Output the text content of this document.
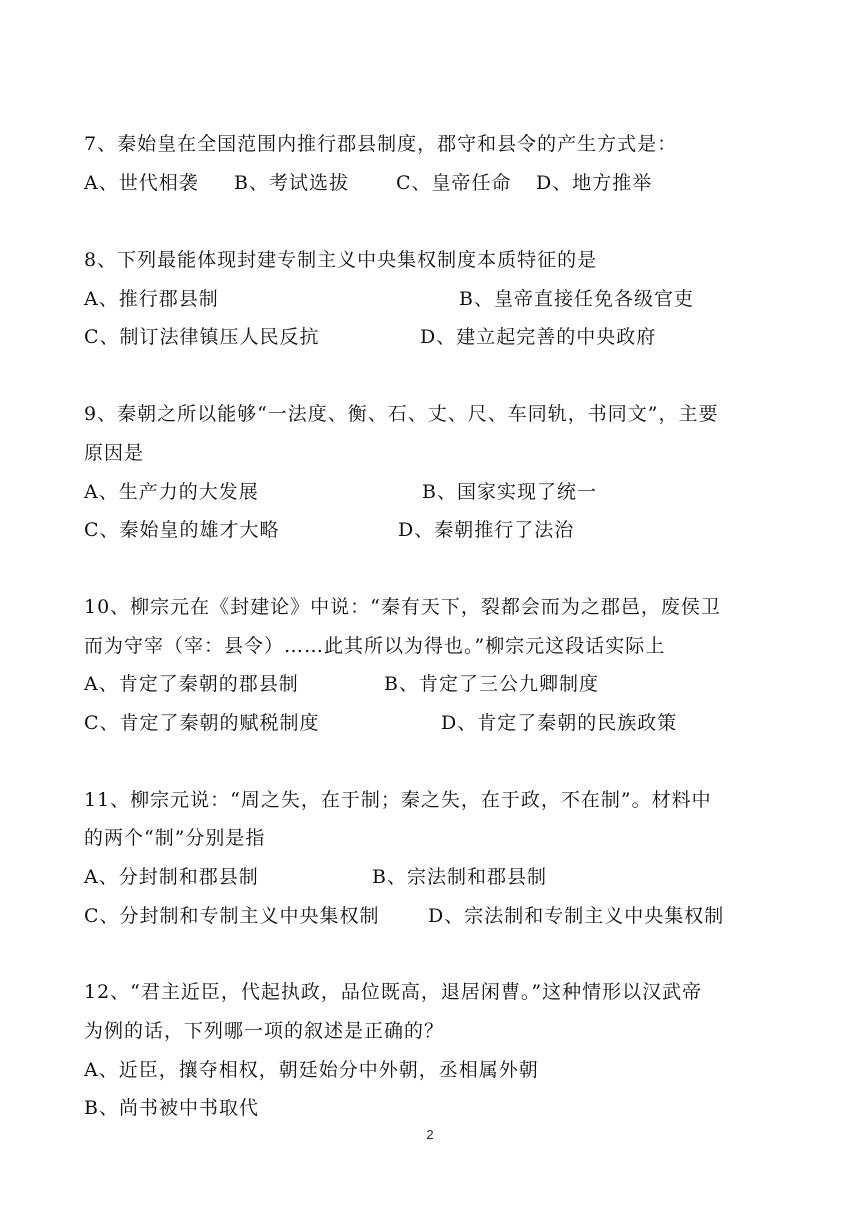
7、秦始皇在全国范围内推行郡县制度，郡守和县令的产生方式是：
A、世代相袭 B、考试选拔 C、皇帝任命 D、地方推举
8、下列最能体现封建专制主义中央集权制度本质特征的是
A、推行郡县制	B、皇帝直接任免各级官吏
C、制订法律镇压人民反抗	D、建立起完善的中央政府
9、秦朝之所以能够“一法度、衡、石、丈、尺、车同轨，书同文”，主要
原因是
A、生产力的大发展	B、国家实现了统一
C、秦始皇的雄才大略	D、秦朝推行了法治
10、柳宗元在《封建论》中说：“秦有天下，裂都会而为之郡邑，废侯卫
而为守宰（宰：县令）……此其所以为得也。”柳宗元这段话实际上
A、肯定了秦朝的郡县制	B、肯定了三公九卿制度
C、肯定了秦朝的赋税制度	D、肯定了秦朝的民族政策
11、柳宗元说：“周之失，在于制；秦之失，在于政，不在制”。材料中
的两个“制”分别是指
A、分封制和郡县制	B、宗法制和郡县制
C、分封制和专制主义中央集权制	D、宗法制和专制主义中央集权制
12、“君主近臣，代起执政，品位既高，退居闲曹。”这种情形以汉武帝
为例的话，下列哪一项的叙述是正确的？
A、近臣，攘夺相权，朝廷始分中外朝，丞相属外朝
B、尚书被中书取代
2
